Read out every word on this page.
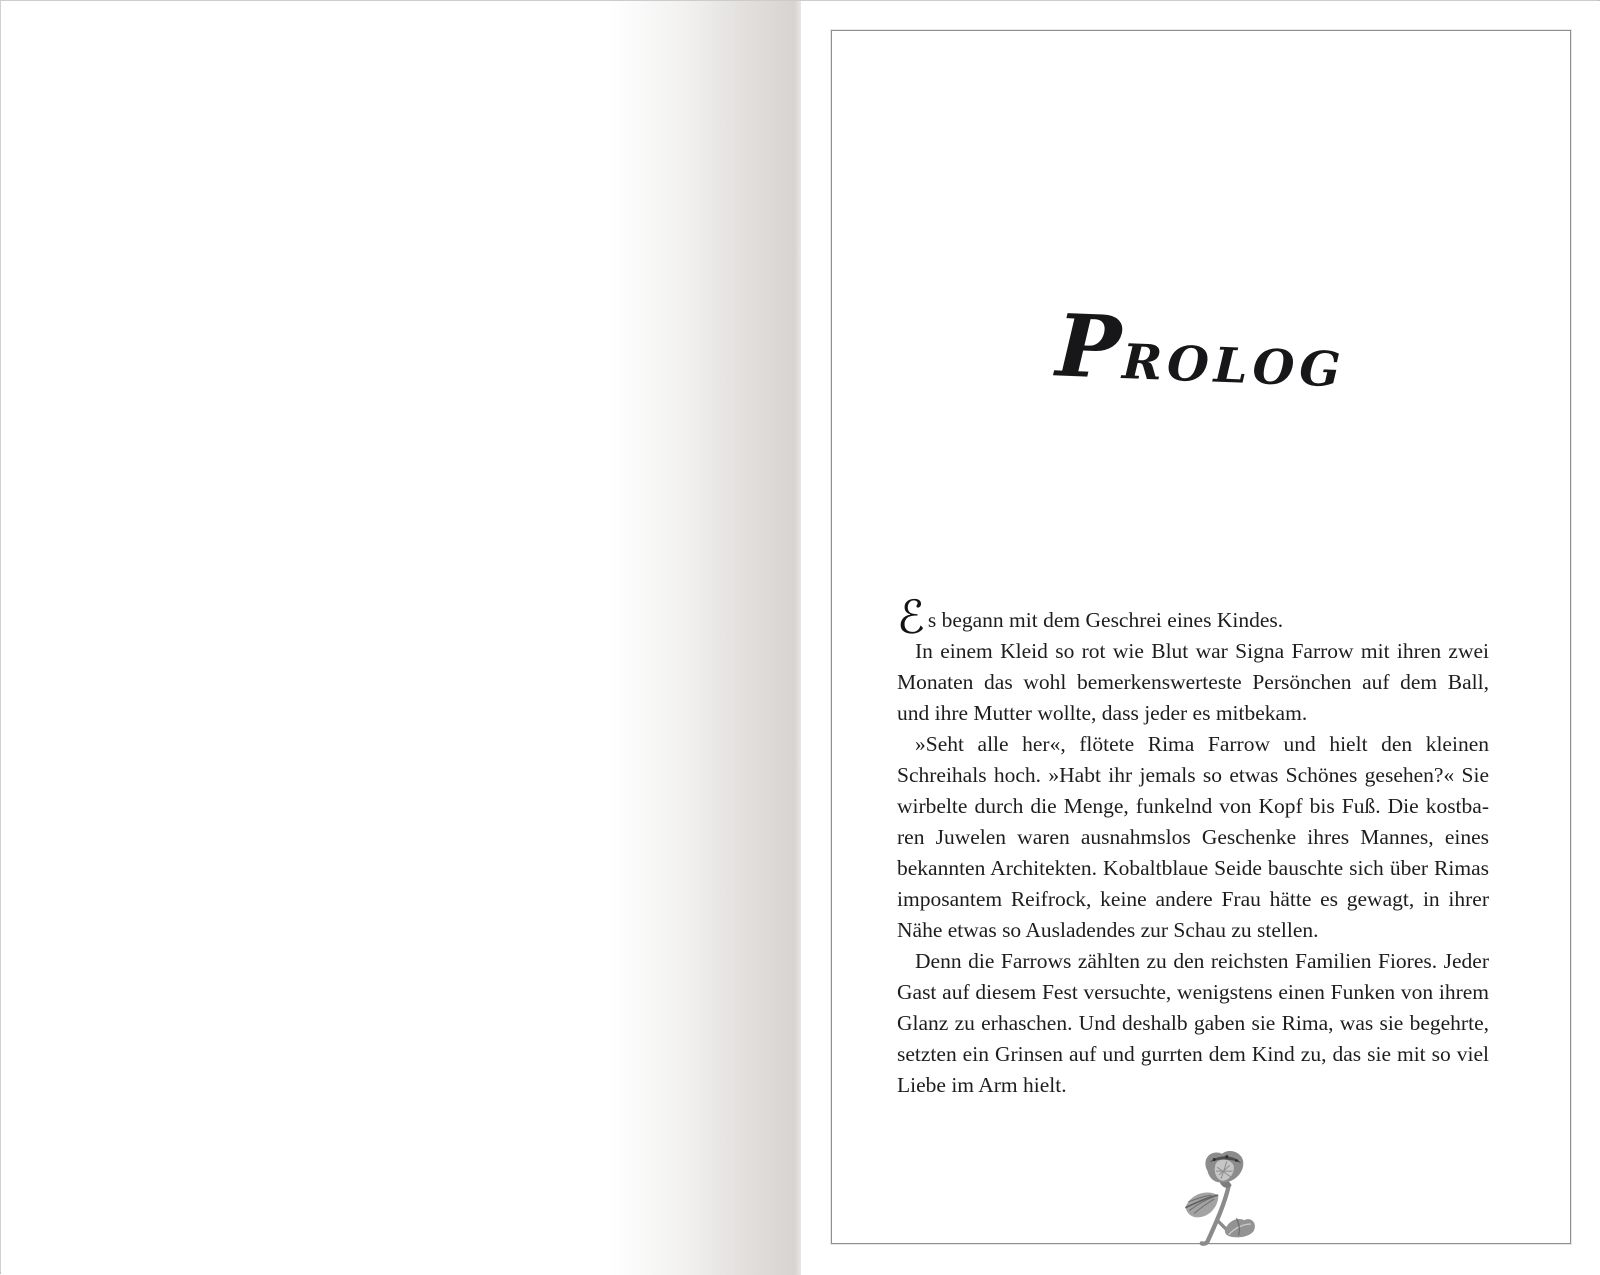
PROLOG

ℰs begann mit dem Geschrei eines Kindes.

In einem Kleid so rot wie Blut war Signa Farrow mit ihren zwei Monaten das wohl bemerkenswerteste Persönchen auf dem Ball, und ihre Mutter wollte, dass jeder es mitbekam.

»Seht alle her«, flötete Rima Farrow und hielt den kleinen Schreihals hoch. »Habt ihr jemals so etwas Schönes gesehen?« Sie wirbelte durch die Menge, funkelnd von Kopf bis Fuß. Die kostbaren Juwelen waren ausnahmslos Geschenke ihres Mannes, eines bekannten Architekten. Kobaltblaue Seide bauschte sich über Rimas imposantem Reifrock, keine andere Frau hätte es gewagt, in ihrer Nähe etwas so Ausladendes zur Schau zu stellen.

Denn die Farrows zählten zu den reichsten Familien Fiores. Jeder Gast auf diesem Fest versuchte, wenigstens einen Funken von ihrem Glanz zu erhaschen. Und deshalb gaben sie Rima, was sie begehrte, setzten ein Grinsen auf und gurrten dem Kind zu, das sie mit so viel Liebe im Arm hielt.
